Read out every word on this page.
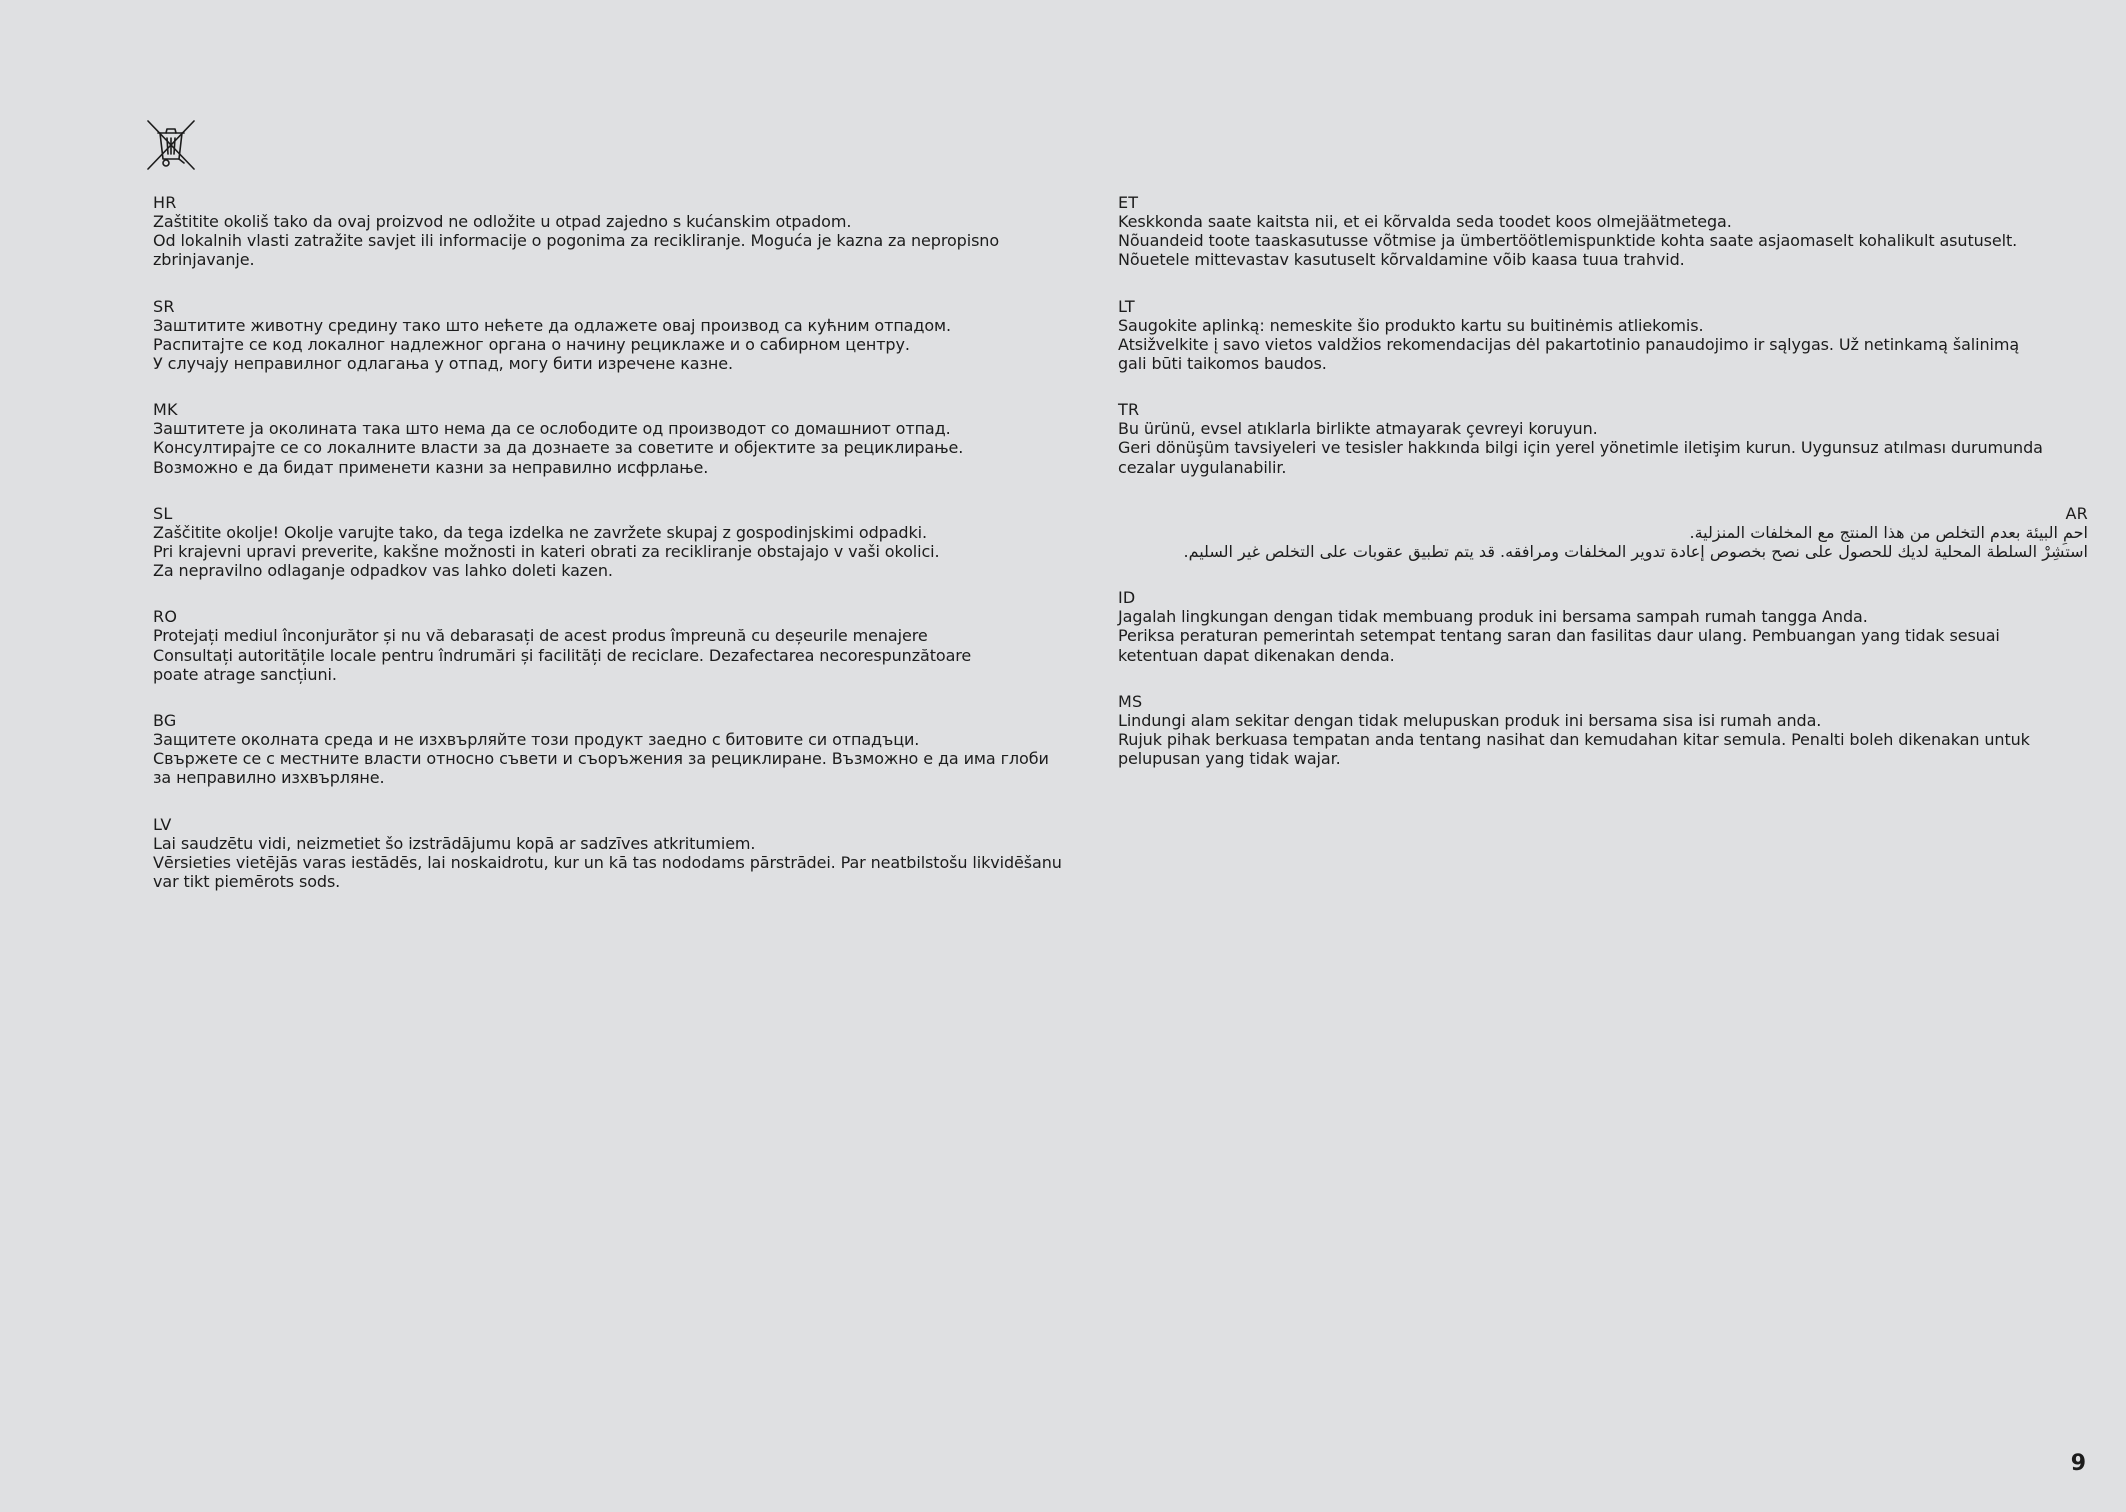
HR
Zaštitite okoliš tako da ovaj proizvod ne odložite u otpad zajedno s kućanskim otpadom.
Od lokalnih vlasti zatražite savjet ili informacije o pogonima za recikliranje. Moguća je kazna za nepropisno
zbrinjavanje.
SR
Заштитите животну средину тако што нећете да одлажете овај производ са кућним отпадом.
Распитајте се код локалног надлежног органа о начину рециклаже и о сабирном центру.
У случају неправилног одлагања у отпад, могу бити изречене казне.
MK
Заштитете ја околината така што нема да се ослободите од производот со домашниот отпад.
Консултирајте се со локалните власти за да дознаете за советите и објектите за рециклирање.
Возможно е да бидат применети казни за неправилно исфрлање.
SL
Zaščitite okolje! Okolje varujte tako, da tega izdelka ne zavržete skupaj z gospodinjskimi odpadki.
Pri krajevni upravi preverite, kakšne možnosti in kateri obrati za recikliranje obstajajo v vaši okolici.
Za nepravilno odlaganje odpadkov vas lahko doleti kazen.
RO
Protejați mediul înconjurător și nu vă debarasați de acest produs împreună cu deșeurile menajere
Consultați autoritățile locale pentru îndrumări și facilități de reciclare. Dezafectarea necorespunzătoare
poate atrage sancțiuni.
BG
Защитете околната среда и не изхвърляйте този продукт заедно с битовите си отпадъци.
Свържете се с местните власти относно съвети и съоръжения за рециклиране. Възможно е да има глоби
за неправилно изхвърляне.
LV
Lai saudzētu vidi, neizmetiet šo izstrādājumu kopā ar sadzīves atkritumiem.
Vērsieties vietējās varas iestādēs, lai noskaidrotu, kur un kā tas nododams pārstrādei. Par neatbilstošu likvidēšanu
var tikt piemērots sods.
ET
Keskkonda saate kaitsta nii, et ei kõrvalda seda toodet koos olmejäätmetega.
Nõuandeid toote taaskasutusse võtmise ja ümbertöötlemispunktide kohta saate asjaomaselt kohalikult asutuselt.
Nõuetele mittevastav kasutuselt kõrvaldamine võib kaasa tuua trahvid.
LT
Saugokite aplinką: nemeskite šio produkto kartu su buitinėmis atliekomis.
Atsižvelkite į savo vietos valdžios rekomendacijas dėl pakartotinio panaudojimo ir sąlygas. Už netinkamą šalinimą
gali būti taikomos baudos.
TR
Bu ürünü, evsel atıklarla birlikte atmayarak çevreyi koruyun.
Geri dönüşüm tavsiyeleri ve tesisler hakkında bilgi için yerel yönetimle iletişim kurun. Uygunsuz atılması durumunda
cezalar uygulanabilir.
AR
احمِ البيئة بعدم التخلص من هذا المنتج مع المخلفات المنزلية.
استشِرْ السلطة المحلية لديك للحصول على نصح بخصوص إعادة تدوير المخلفات ومرافقه. قد يتم تطبيق عقوبات على التخلص غير السليم.
ID
Jagalah lingkungan dengan tidak membuang produk ini bersama sampah rumah tangga Anda.
Periksa peraturan pemerintah setempat tentang saran dan fasilitas daur ulang. Pembuangan yang tidak sesuai
ketentuan dapat dikenakan denda.
MS
Lindungi alam sekitar dengan tidak melupuskan produk ini bersama sisa isi rumah anda.
Rujuk pihak berkuasa tempatan anda tentang nasihat dan kemudahan kitar semula. Penalti boleh dikenakan untuk
pelupusan yang tidak wajar.
9
